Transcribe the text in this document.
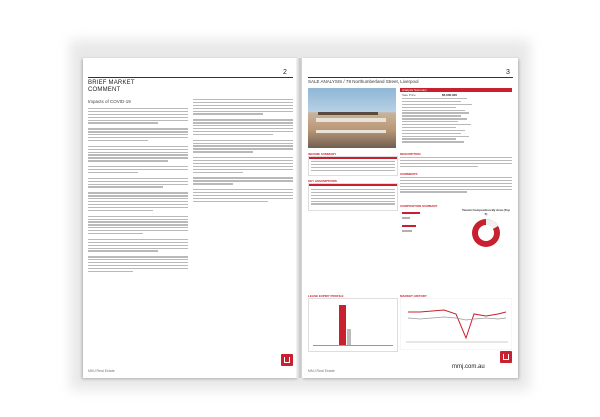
2
BRIEF MARKET
COMMENT
Impacts of COVID-19
MMJ Real Estate
3
SALE ANALYSIS / 78 Northumberland Street, Liverpool
Analysis Summary
Sale Price	$5,600,000
INCOME SUMMARY	DESCRIPTION
COMMENTS
KEY ASSUMPTIONS
COMPOSITION SUMMARY
Tenant Composition By Area (Top 5)
LEASE EXPIRY PROFILE	MARKET HISTORY
MMJ Real Estate
mmj.com.au
